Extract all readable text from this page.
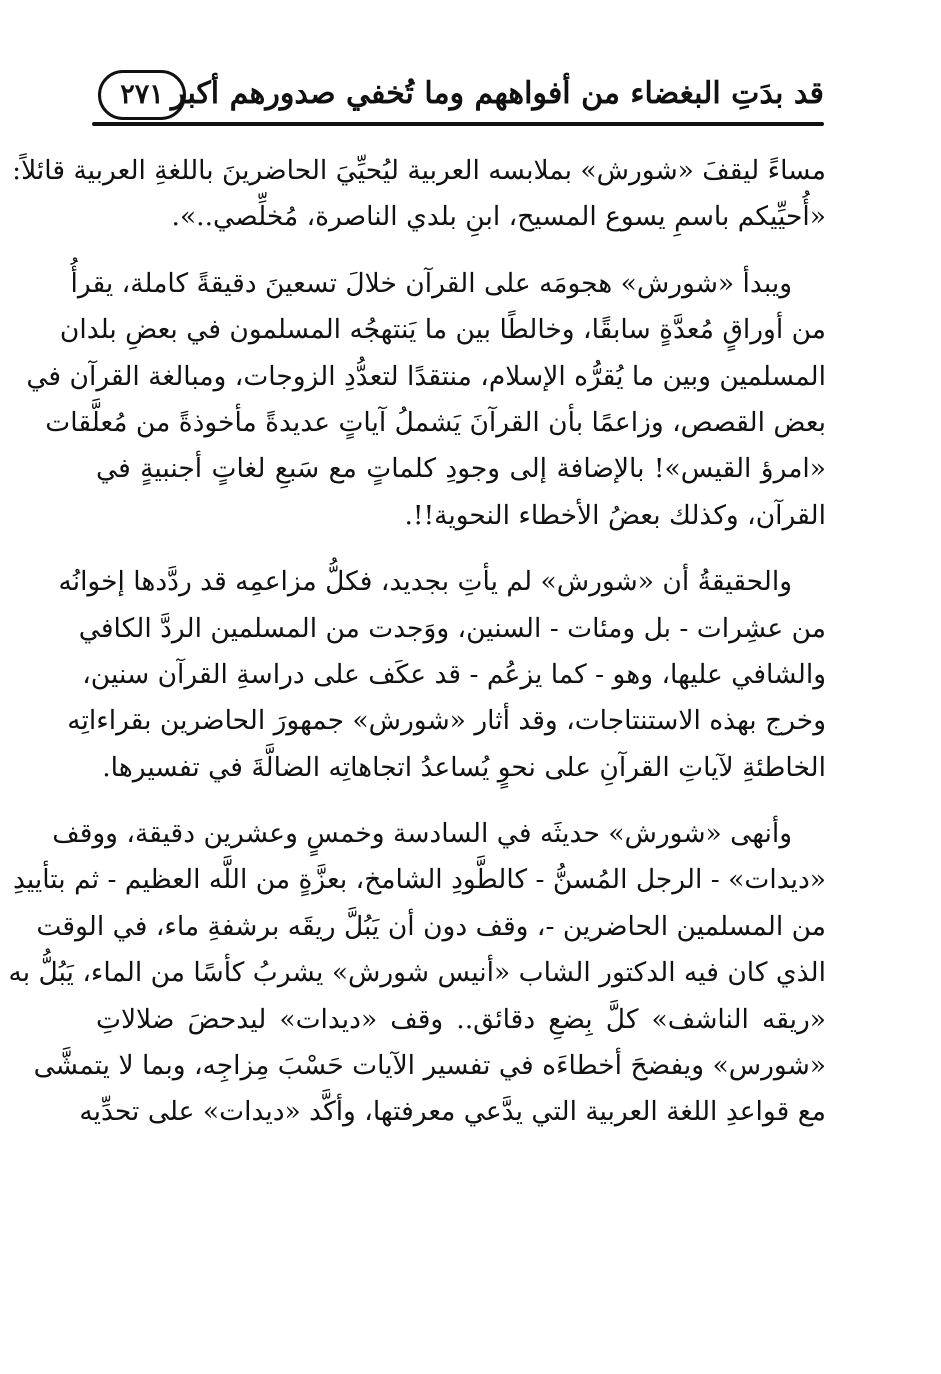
قد بدَتِ البغضاء من أفواههم وما تُخفي صدورهم أكبر
٢٧١
مساءً ليقفَ «شورش» بملابسه العربية ليُحيِّيَ الحاضرينَ باللغةِ العربية قائلاً:
«أُحيِّيكم باسمِ يسوع المسيح، ابنِ بلدي الناصرة، مُخلِّصي..».
ويبدأ «شورش» هجومَه على القرآن خلالَ تسعينَ دقيقةً كاملة، يقرأُ
من أوراقٍ مُعدَّةٍ سابقًا، وخالطًا بين ما يَنتهجُه المسلمون في بعضِ بلدان
المسلمين وبين ما يُقرُّه الإسلام، منتقدًا لتعدُّدِ الزوجات، ومبالغة القرآن في
بعض القصص، وزاعمًا بأن القرآنَ يَشملُ آياتٍ عديدةً مأخوذةً من مُعلَّقات
«امرؤ القيس»! بالإضافة إلى وجودِ كلماتٍ مع سَبعِ لغاتٍ أجنبيةٍ في
القرآن، وكذلك بعضُ الأخطاء النحوية!!.
والحقيقةُ أن «شورش» لم يأتِ بجديد، فكلُّ مزاعمِه قد ردَّدها إخوانُه
من عشِرات - بل ومئات - السنين، ووَجدت من المسلمين الردَّ الكافي
والشافي عليها، وهو - كما يزعُم - قد عكَف على دراسةِ القرآن سنين،
وخرج بهذه الاستنتاجات، وقد أثار «شورش» جمهورَ الحاضرين بقراءاتِه
الخاطئةِ لآياتِ القرآنِ على نحوٍ يُساعدُ اتجاهاتِه الضالَّةَ في تفسيرها.
وأنهى «شورش» حديثَه في السادسة وخمسٍ وعشرين دقيقة، ووقف
«ديدات» - الرجل المُسنُّ - كالطَّودِ الشامخ، بعزَّةٍ من اللَّه العظيم - ثم بتأييدِ
من المسلمين الحاضرين -، وقف دون أن يَبُلَّ ريقَه برشفةِ ماء، في الوقت
الذي كان فيه الدكتور الشاب «أنيس شورش» يشربُ كأسًا من الماء، يَبُلُّ به
«ريقه الناشف» كلَّ بِضعِ دقائق.. وقف «ديدات» ليدحضَ ضلالاتِ
«شورس» ويفضحَ أخطاءَه في تفسير الآيات حَسْبَ مِزاجِه، وبما لا يتمشَّى
مع قواعدِ اللغة العربية التي يدَّعي معرفتها، وأكَّد «ديدات» على تحدِّيه
